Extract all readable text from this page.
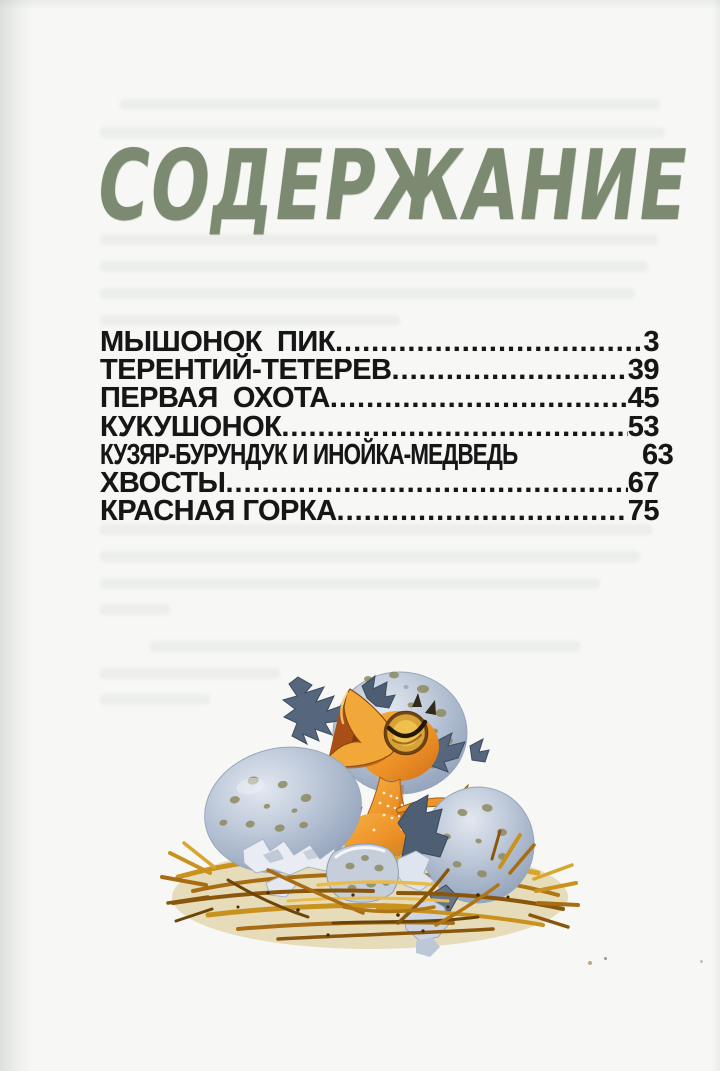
СОДЕРЖАНИЕ
МЫШОНОК  ПИК .....	3
ТЕРЕНТИЙ-ТЕТЕРЕВ .....	39
ПЕРВАЯ  ОХОТА .....	45
КУКУШОНОК .....	53
КУЗЯР-БУРУНДУК И ИНОЙКА-МЕДВЕДЬ	63
ХВОСТЫ .....	67
КРАСНАЯ ГОРКА .....	75
